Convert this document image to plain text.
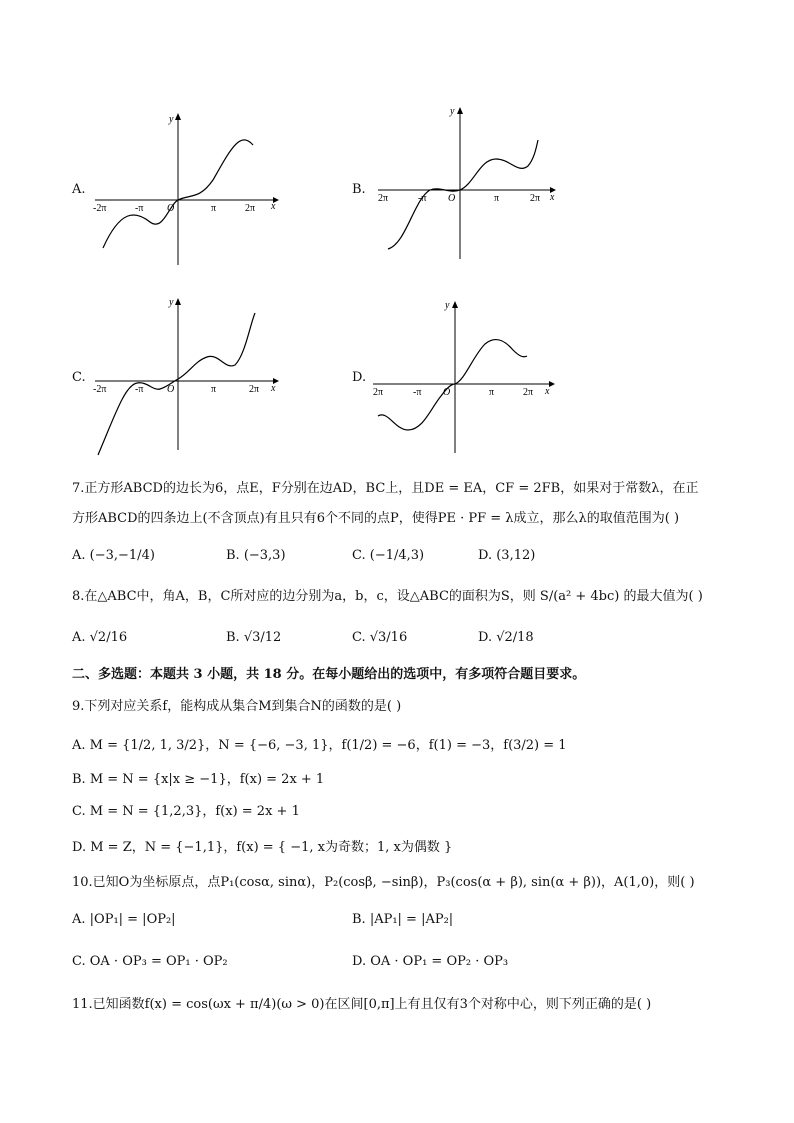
y
x
-2π	-π O	π	2π
A.
y
x
2π	-π O	π	2π
B.
y
x
-2π	-π O	π	2π
C.
y
x
2π	-π O	π	2π
D.
7.正方形ABCD的边长为6，点E，F分别在边AD，BC上，且DE = EA，CF = 2FB，如果对于常数λ，在正
方形ABCD的四条边上(不含顶点)有且只有6个不同的点P，使得PE · PF = λ成立，那么λ的取值范围为( )
A. (−3,−1/4)	B. (−3,3)	C. (−1/4,3)	D. (3,12)
8.在△ABC中，角A，B，C所对应的边分别为a，b，c，设△ABC的面积为S，则 S/(a² + 4bc) 的最大值为( )
A. √2/16	B. √3/12	C. √3/16	D. √2/18
二、多选题：本题共 3 小题，共 18 分。在每小题给出的选项中，有多项符合题目要求。
9.下列对应关系f，能构成从集合M到集合N的函数的是( )
A. M = {1/2, 1, 3/2}，N = {−6, −3, 1}，f(1/2) = −6，f(1) = −3，f(3/2) = 1
B. M = N = {x|x ≥ −1}，f(x) = 2x + 1
C. M = N = {1,2,3}，f(x) = 2x + 1
D. M = Z，N = {−1,1}，f(x) = { −1, x为奇数；1, x为偶数 }
10.已知O为坐标原点，点P₁(cosα, sinα)，P₂(cosβ, −sinβ)，P₃(cos(α + β), sin(α + β))，A(1,0)，则( )
A. |OP₁| = |OP₂|	B. |AP₁| = |AP₂|
C. OA · OP₃ = OP₁ · OP₂	D. OA · OP₁ = OP₂ · OP₃
11.已知函数f(x) = cos(ωx + π/4)(ω > 0)在区间[0,π]上有且仅有3个对称中心，则下列正确的是( )
